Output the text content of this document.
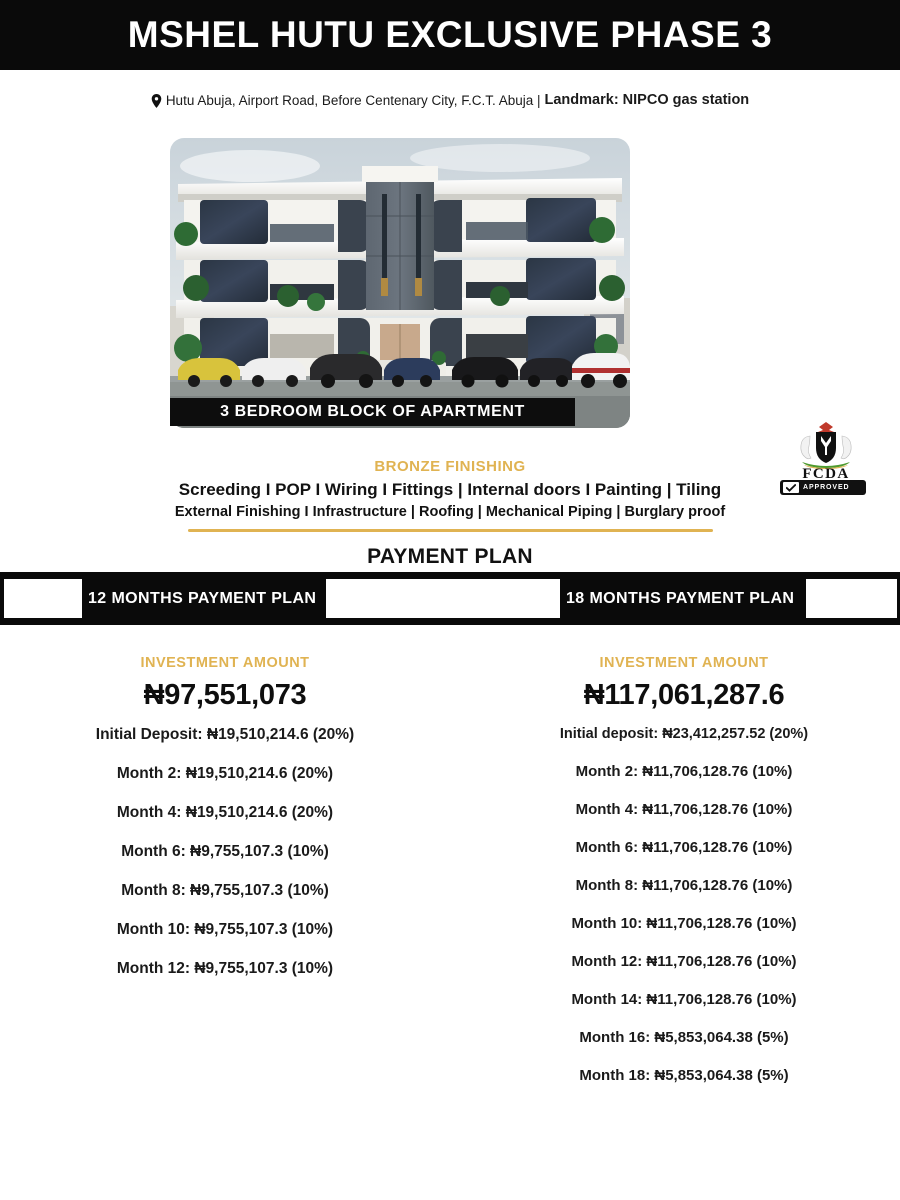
MSHEL HUTU EXCLUSIVE PHASE 3
Hutu Abuja, Airport Road, Before Centenary City, F.C.T. Abuja | Landmark: NIPCO gas station
3 BEDROOM BLOCK OF APARTMENT
FCDA
APPROVED
BRONZE FINISHING
Screeding I POP I Wiring I Fittings | Internal doors I Painting | Tiling
External Finishing I Infrastructure | Roofing | Mechanical Piping | Burglary proof
PAYMENT PLAN
12 MONTHS PAYMENT PLAN	18 MONTHS PAYMENT PLAN
INVESTMENT AMOUNT
₦97,551,073
Initial Deposit: ₦19,510,214.6 (20%)
Month 2: ₦19,510,214.6 (20%)
Month 4: ₦19,510,214.6 (20%)
Month 6: ₦9,755,107.3 (10%)
Month 8: ₦9,755,107.3 (10%)
Month 10: ₦9,755,107.3 (10%)
Month 12: ₦9,755,107.3 (10%)
INVESTMENT AMOUNT
₦117,061,287.6
Initial deposit: ₦23,412,257.52 (20%)
Month 2: ₦11,706,128.76 (10%)
Month 4: ₦11,706,128.76 (10%)
Month 6: ₦11,706,128.76 (10%)
Month 8: ₦11,706,128.76 (10%)
Month 10: ₦11,706,128.76 (10%)
Month 12: ₦11,706,128.76 (10%)
Month 14: ₦11,706,128.76 (10%)
Month 16: ₦5,853,064.38 (5%)
Month 18: ₦5,853,064.38 (5%)
